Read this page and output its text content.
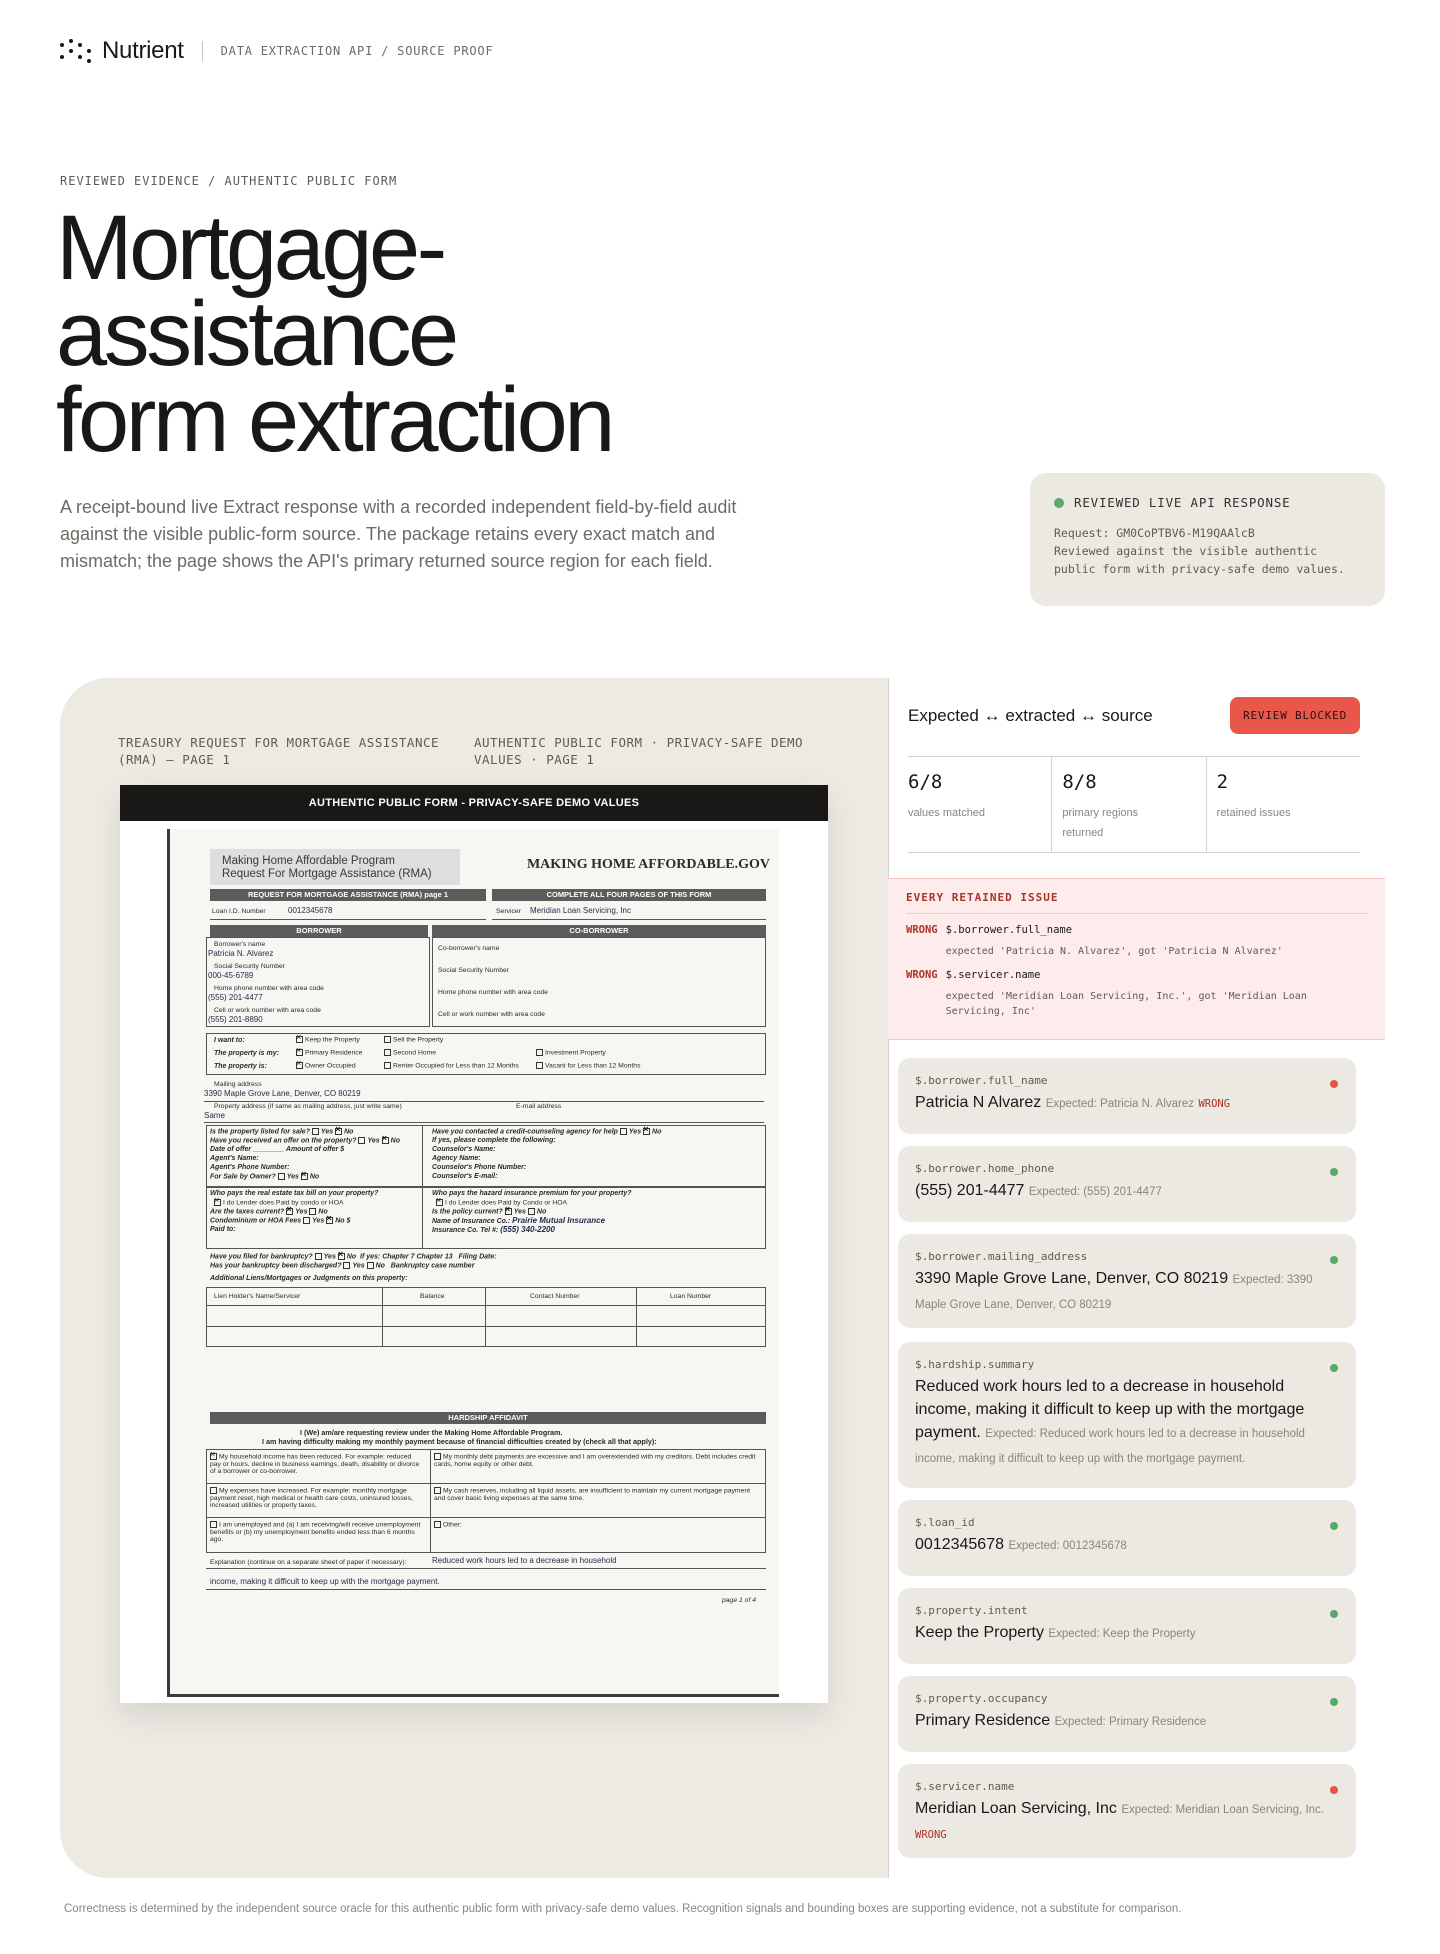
Nutrient	DATA EXTRACTION API / SOURCE PROOF
REVIEWED EVIDENCE / AUTHENTIC PUBLIC FORM
Mortgage-
assistance
form extraction

A receipt-bound live Extract response with a recorded independent field-by-field audit against the visible public-form source. The package retains every exact match and mismatch; the page shows the API's primary returned source region for each field.

REVIEWED LIVE API RESPONSE
Request: GM0CoPTBV6-M19QAAlcB
Reviewed against the visible authentic
public form with privacy-safe demo values.
TREASURY REQUEST FOR MORTGAGE ASSISTANCE (RMA) — PAGE 1
AUTHENTIC PUBLIC FORM · PRIVACY-SAFE DEMO VALUES · PAGE 1
AUTHENTIC PUBLIC FORM - PRIVACY-SAFE DEMO VALUES
Making Home Affordable Program
Request For Mortgage Assistance (RMA)
MAKING HOME AFFORDABLE.GOV
REQUEST FOR MORTGAGE ASSISTANCE (RMA) page 1	COMPLETE ALL FOUR PAGES OF THIS FORM
Loan I.D. Number	0012345678	Servicer Meridian Loan Servicing, Inc
BORROWER	CO-BORROWER
Borrower's name
Patricia N. Alvarez
Social Security Number
000-45-6789
Home phone number with area code
(555) 201-4477
Cell or work number with area code
(555) 201-8890
Co-borrower's name
Social Security Number
Home phone number with area code
Cell or work number with area code
I want to: ×	Keep the Property	Sell the Property
The property is my: ×	Primary Residence	Second Home	Investment Property
The property is: ×	Owner Occupied	Renter Occupied for Less than 12 Months	Vacant for Less than 12 Months
Mailing address
3390 Maple Grove Lane, Denver, CO 80219
Property address (if same as mailing address, just write same)	E-mail address
Same
Is the property listed for sale? Yes × No
Have you received an offer on the property? Yes × No
Date of offer ________ Amount of offer $
Agent's Name:
Agent's Phone Number:
For Sale by Owner? Yes × No
Have you contacted a credit-counseling agency for help Yes × No
If yes, please complete the following:
Counselor's Name:
Agency Name:
Counselor's Phone Number:
Counselor's E-mail:
Who pays the real estate tax bill on your property?
×I do Lender does Paid by condo or HOA
Are the taxes current? × Yes No
Condominium or HOA Fees Yes × No $
Paid to:
Who pays the hazard insurance premium for your property?
×I do Lender does Paid by Condo or HOA
Is the policy current? × Yes No
Name of Insurance Co.: Prairie Mutual Insurance
Insurance Co. Tel #: (555) 340-2200
Have you filed for bankruptcy? Yes × No If yes: Chapter 7 Chapter 13 Filing Date:
Has your bankruptcy been discharged? Yes No Bankruptcy case number
Additional Liens/Mortgages or Judgments on this property:
Lien Holder's Name/Servicer	Balance	Contact Number	Loan Number
HARDSHIP AFFIDAVIT
I (We) am/are requesting review under the Making Home Affordable Program.
I am having difficulty making my monthly payment because of financial difficulties created by (check all that apply):
×My household income has been reduced. For example: reduced pay or hours, decline in business earnings, death, disability or divorce of a borrower or co-borrower.
My monthly debt payments are excessive and I am overextended with my creditors. Debt includes credit cards, home equity or other debt.
My expenses have increased. For example: monthly mortgage payment reset, high medical or health care costs, uninsured losses, increased utilities or property taxes.
My cash reserves, including all liquid assets, are insufficient to maintain my current mortgage payment and cover basic living expenses at the same time.
I am unemployed and (a) I am receiving/will receive unemployment benefits or (b) my unemployment benefits ended less than 6 months ago.
Other:
Explanation (continue on a separate sheet of paper if necessary):	Reduced work hours led to a decrease in household
income, making it difficult to keep up with the mortgage payment.
page 1 of 4
Expected ↔ extracted ↔ source	REVIEW BLOCKED
6/8
values matched
8/8
primary regions returned
2
retained issues
EVERY RETAINED ISSUE
WRONG $.borrower.full_name
expected 'Patricia N. Alvarez', got 'Patricia N Alvarez'
WRONG $.servicer.name
expected 'Meridian Loan Servicing, Inc.', got 'Meridian Loan Servicing, Inc'
$.borrower.full_name
Patricia N Alvarez Expected: Patricia N. Alvarez WRONG
$.borrower.home_phone
(555) 201-4477 Expected: (555) 201-4477
$.borrower.mailing_address
3390 Maple Grove Lane, Denver, CO 80219 Expected: 3390 Maple Grove Lane, Denver, CO 80219
$.hardship.summary
Reduced work hours led to a decrease in household income, making it difficult to keep up with the mortgage payment. Expected: Reduced work hours led to a decrease in household income, making it difficult to keep up with the mortgage payment.
$.loan_id
0012345678 Expected: 0012345678
$.property.intent
Keep the Property Expected: Keep the Property
$.property.occupancy
Primary Residence Expected: Primary Residence
$.servicer.name
Meridian Loan Servicing, Inc Expected: Meridian Loan Servicing, Inc. WRONG
Correctness is determined by the independent source oracle for this authentic public form with privacy-safe demo values. Recognition signals and bounding boxes are supporting evidence, not a substitute for comparison.
